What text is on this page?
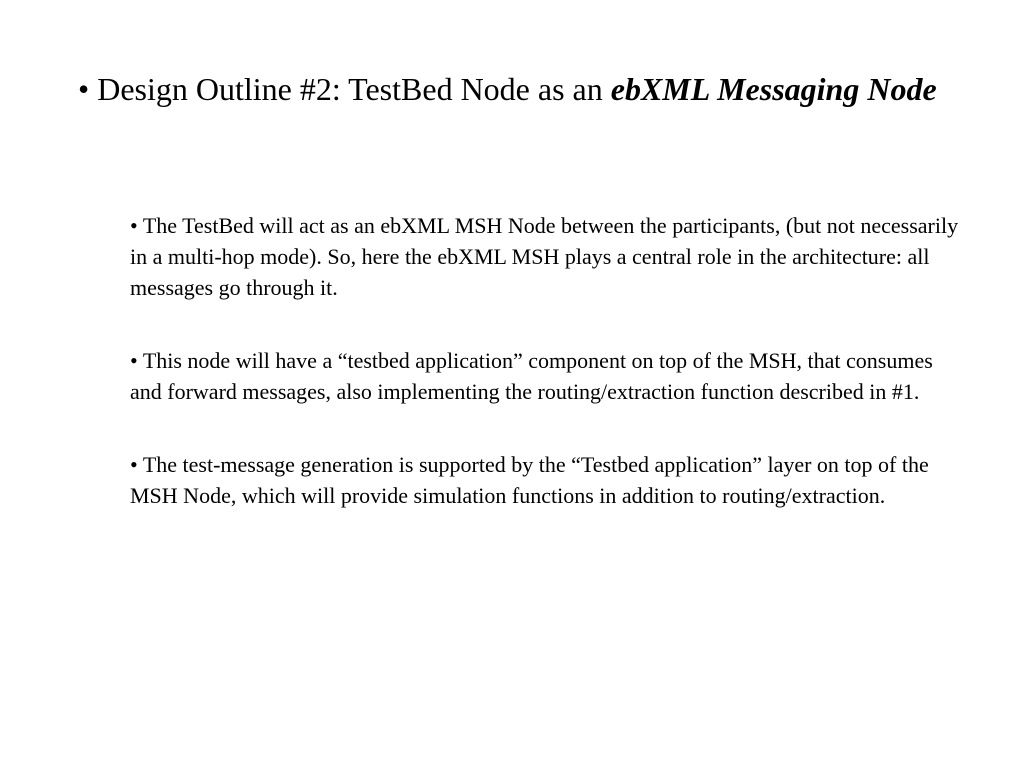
• Design Outline #2: TestBed Node as an ebXML Messaging Node
• The TestBed will act as an ebXML MSH Node between the participants, (but not necessarily in a multi-hop mode). So, here the ebXML MSH plays a central role in the architecture: all messages go through it.
• This node will have a “testbed application” component on top of the MSH, that consumes and forward messages, also implementing the routing/extraction function described in #1.
• The test-message generation is supported by the “Testbed application” layer on top of the MSH Node, which will provide simulation functions in addition to routing/extraction.
